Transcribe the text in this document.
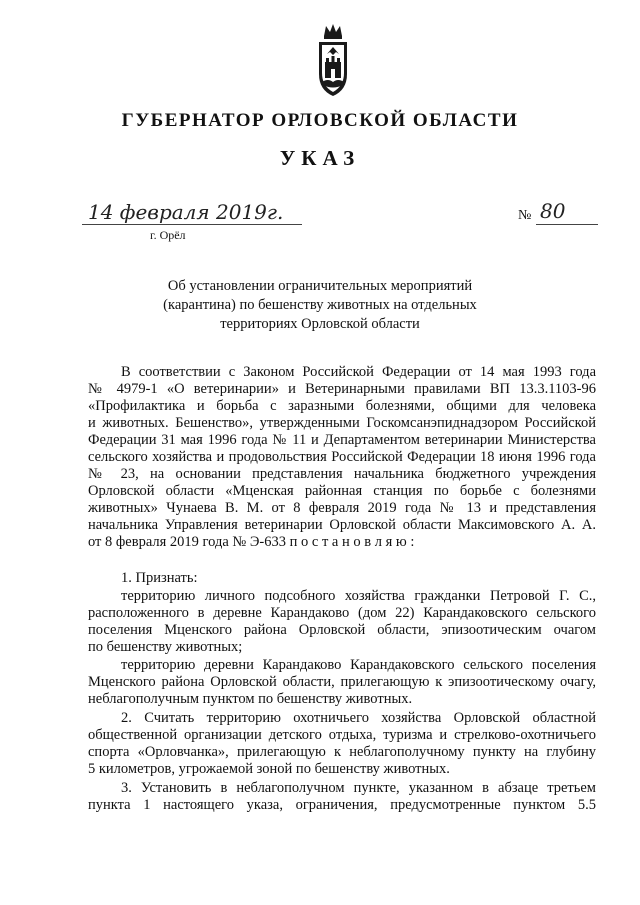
ГУБЕРНАТОР ОРЛОВСКОЙ ОБЛАСТИ
УКАЗ
14 февраля 2019г.
г. Орёл
№ 80
Об установлении ограничительных мероприятий
(карантина) по бешенству животных на отдельных
территориях Орловской области
В соответствии с Законом Российской Федерации от 14 мая 1993 года
№ 4979-1 «О ветеринарии» и Ветеринарными правилами ВП 13.3.1103-96
«Профилактика и борьба с заразными болезнями, общими для человека
и животных. Бешенство», утвержденными Госкомсанэпиднадзором Российской
Федерации 31 мая 1996 года № 11 и Департаментом ветеринарии Министерства
сельского хозяйства и продовольствия Российской Федерации 18 июня 1996 года
№ 23, на основании представления начальника бюджетного учреждения
Орловской области «Мценская районная станция по борьбе с болезнями
животных» Чунаева В. М. от 8 февраля 2019 года № 13 и представления
начальника Управления ветеринарии Орловской области Максимовского А. А.
от 8 февраля 2019 года № Э-633 п о с т а н о в л я ю :
1. Признать:
территорию личного подсобного хозяйства гражданки Петровой Г. С.,
расположенного в деревне Карандаково (дом 22) Карандаковского сельского
поселения Мценского района Орловской области, эпизоотическим очагом
по бешенству животных;
территорию деревни Карандаково Карандаковского сельского поселения
Мценского района Орловской области, прилегающую к эпизоотическому очагу,
неблагополучным пунктом по бешенству животных.
2. Считать территорию охотничьего хозяйства Орловской областной
общественной организации детского отдыха, туризма и стрелково-охотничьего
спорта «Орловчанка», прилегающую к неблагополучному пункту на глубину
5 километров, угрожаемой зоной по бешенству животных.
3. Установить в неблагополучном пункте, указанном в абзаце третьем
пункта 1 настоящего указа, ограничения, предусмотренные пунктом 5.5
